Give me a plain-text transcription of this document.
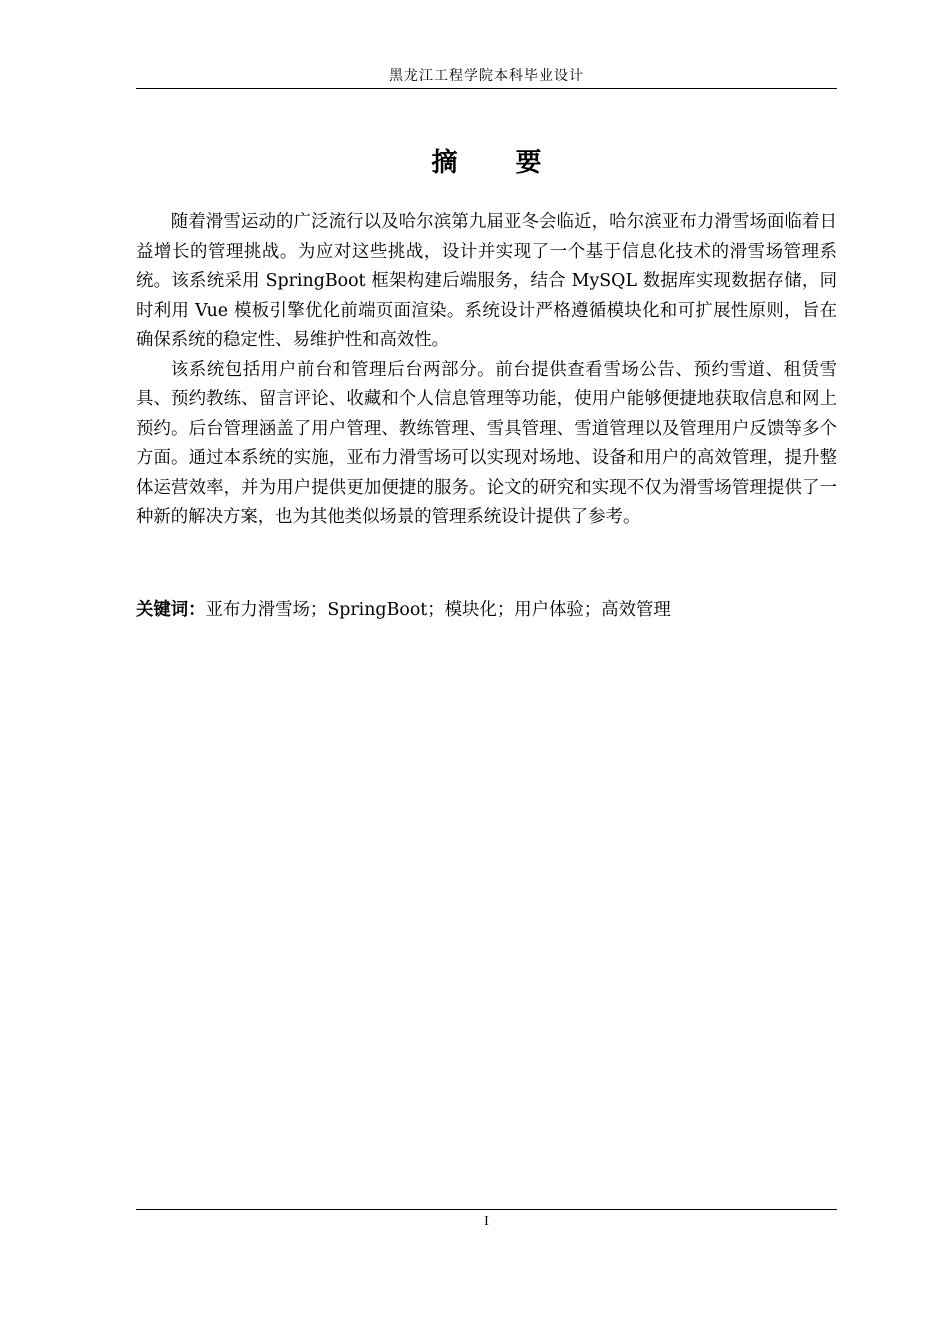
黑龙江工程学院本科毕业设计
摘 要

随着滑雪运动的广泛流行以及哈尔滨第九届亚冬会临近，哈尔滨亚布力滑雪场面临着日益增长的管理挑战。为应对这些挑战，设计并实现了一个基于信息化技术的滑雪场管理系统。该系统采用 SpringBoot 框架构建后端服务，结合 MySQL 数据库实现数据存储，同时利用 Vue 模板引擎优化前端页面渲染。系统设计严格遵循模块化和可扩展性原则，旨在确保系统的稳定性、易维护性和高效性。

该系统包括用户前台和管理后台两部分。前台提供查看雪场公告、预约雪道、租赁雪具、预约教练、留言评论、收藏和个人信息管理等功能，使用户能够便捷地获取信息和网上预约。后台管理涵盖了用户管理、教练管理、雪具管理、雪道管理以及管理用户反馈等多个方面。通过本系统的实施，亚布力滑雪场可以实现对场地、设备和用户的高效管理，提升整体运营效率，并为用户提供更加便捷的服务。论文的研究和实现不仅为滑雪场管理提供了一种新的解决方案，也为其他类似场景的管理系统设计提供了参考。

关键词：亚布力滑雪场；SpringBoot；模块化；用户体验；高效管理
I
